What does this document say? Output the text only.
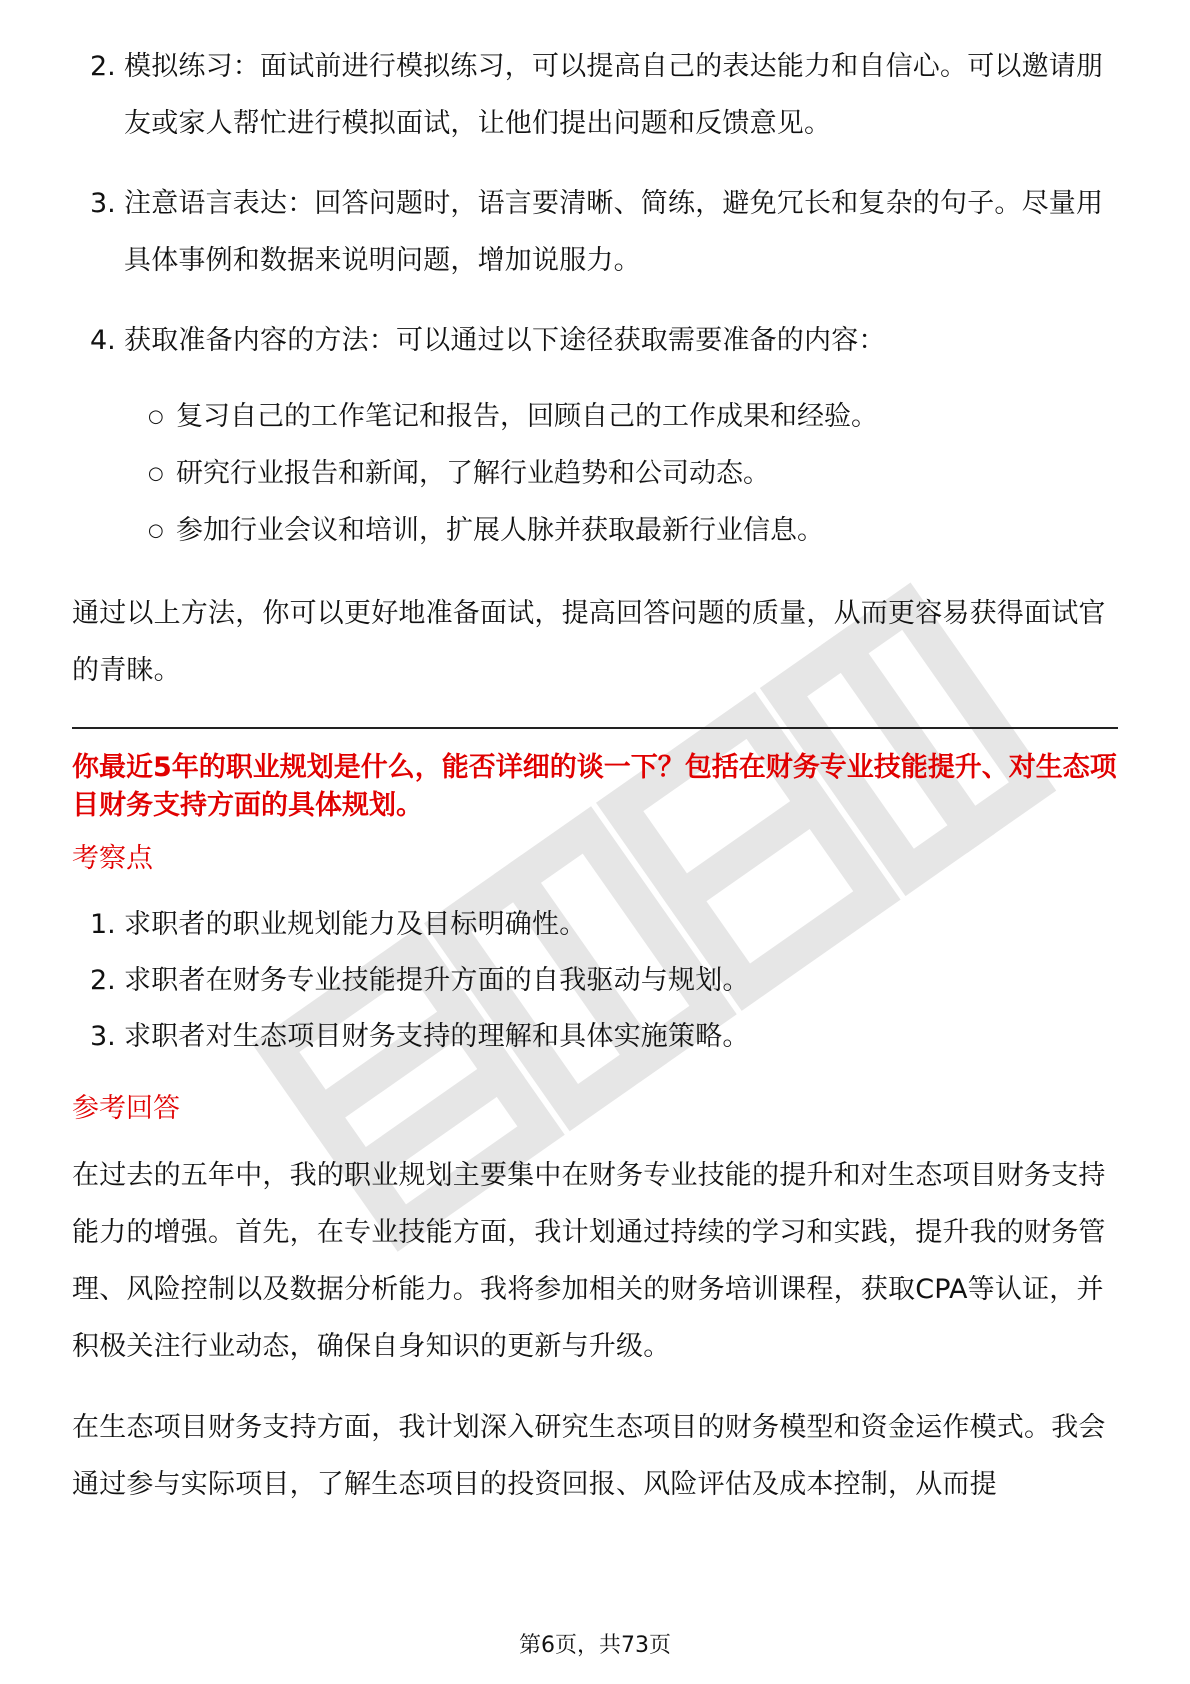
2. 模拟练习：面试前进行模拟练习，可以提高自己的表达能力和自信心。可以邀请朋友或家人帮忙进行模拟面试，让他们提出问题和反馈意见。
3. 注意语言表达：回答问题时，语言要清晰、简练，避免冗长和复杂的句子。尽量用具体事例和数据来说明问题，增加说服力。
4. 获取准备内容的方法：可以通过以下途径获取需要准备的内容：
○ 复习自己的工作笔记和报告，回顾自己的工作成果和经验。
○ 研究行业报告和新闻，了解行业趋势和公司动态。
○ 参加行业会议和培训，扩展人脉并获取最新行业信息。

通过以上方法，你可以更好地准备面试，提高回答问题的质量，从而更容易获得面试官的青睐。

你最近5年的职业规划是什么，能否详细的谈一下？包括在财务专业技能提升、对生态项目财务支持方面的具体规划。

考察点

1. 求职者的职业规划能力及目标明确性。
2. 求职者在财务专业技能提升方面的自我驱动与规划。
3. 求职者对生态项目财务支持的理解和具体实施策略。

参考回答

在过去的五年中，我的职业规划主要集中在财务专业技能的提升和对生态项目财务支持能力的增强。首先，在专业技能方面，我计划通过持续的学习和实践，提升我的财务管理、风险控制以及数据分析能力。我将参加相关的财务培训课程，获取CPA等认证，并积极关注行业动态，确保自身知识的更新与升级。

在生态项目财务支持方面，我计划深入研究生态项目的财务模型和资金运作模式。我会通过参与实际项目，了解生态项目的投资回报、风险评估及成本控制，从而提

第6页，共73页
